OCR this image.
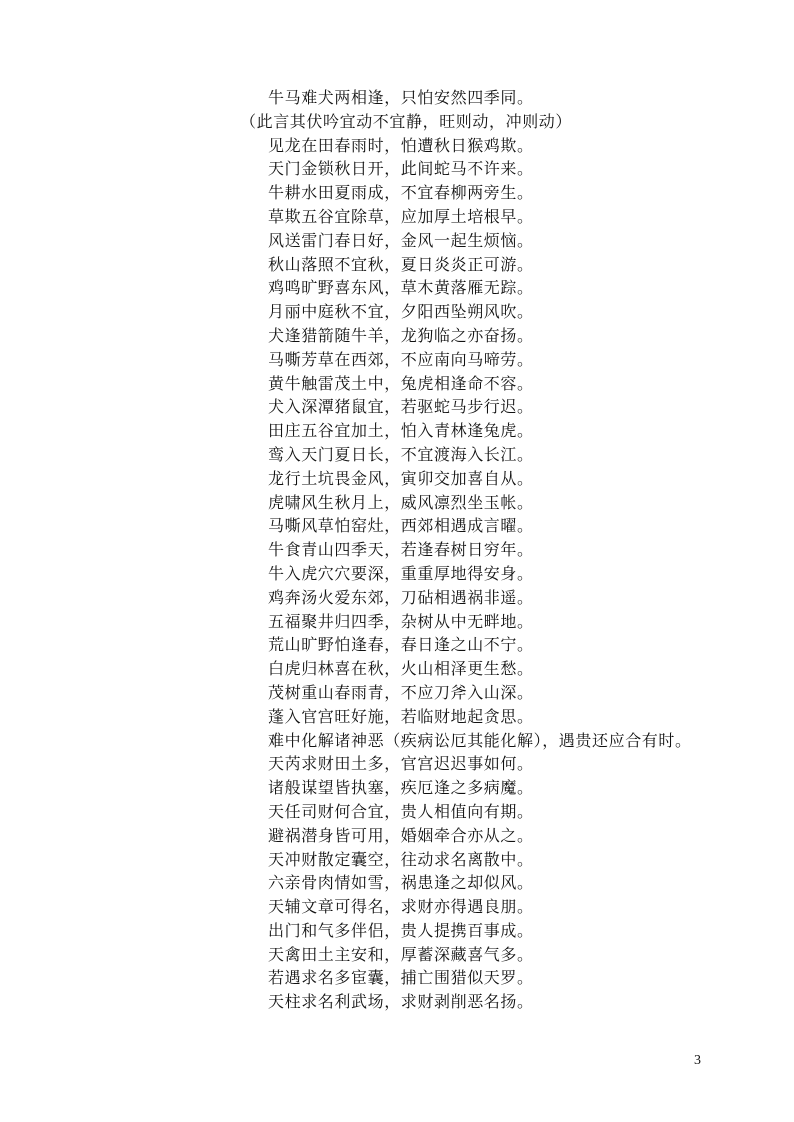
牛马难犬两相逢，只怕安然四季同。
（此言其伏吟宜动不宜静，旺则动，冲则动）
见龙在田春雨时，怕遭秋日猴鸡欺。
天门金锁秋日开，此间蛇马不许来。
牛耕水田夏雨成，不宜春柳两旁生。
草欺五谷宜除草，应加厚土培根早。
风送雷门春日好，金风一起生烦恼。
秋山落照不宜秋，夏日炎炎正可游。
鸡鸣旷野喜东风，草木黄落雁无踪。
月丽中庭秋不宜，夕阳西坠朔风吹。
犬逢猎箭随牛羊，龙狗临之亦奋扬。
马嘶芳草在西郊，不应南向马啼劳。
黄牛触雷茂土中，兔虎相逢命不容。
犬入深潭猪鼠宜，若驱蛇马步行迟。
田庄五谷宜加土，怕入青林逢兔虎。
鸾入天门夏日长，不宜渡海入长江。
龙行土坑畏金风，寅卯交加喜自从。
虎啸风生秋月上，威风凛烈坐玉帐。
马嘶风草怕窑灶，西郊相遇成言曜。
牛食青山四季天，若逢春树日穷年。
牛入虎穴穴要深，重重厚地得安身。
鸡奔汤火爱东郊，刀砧相遇祸非遥。
五福聚井归四季，杂树从中无畔地。
荒山旷野怕逢春，春日逢之山不宁。
白虎归林喜在秋，火山相泽更生愁。
茂树重山春雨青，不应刀斧入山深。
蓬入官宫旺好施，若临财地起贪思。
难中化解诸神恶（疾病讼厄其能化解），遇贵还应合有时。
天芮求财田土多，官宫迟迟事如何。
诸般谋望皆执塞，疾厄逢之多病魔。
天任司财何合宜，贵人相值向有期。
避祸潜身皆可用，婚姻牵合亦从之。
天冲财散定囊空，往动求名离散中。
六亲骨肉情如雪，祸患逢之却似风。
天辅文章可得名，求财亦得遇良朋。
出门和气多伴侣，贵人提携百事成。
天禽田土主安和，厚蓄深藏喜气多。
若遇求名多宦囊，捕亡围猎似天罗。
天柱求名利武场，求财剥削恶名扬。
3
